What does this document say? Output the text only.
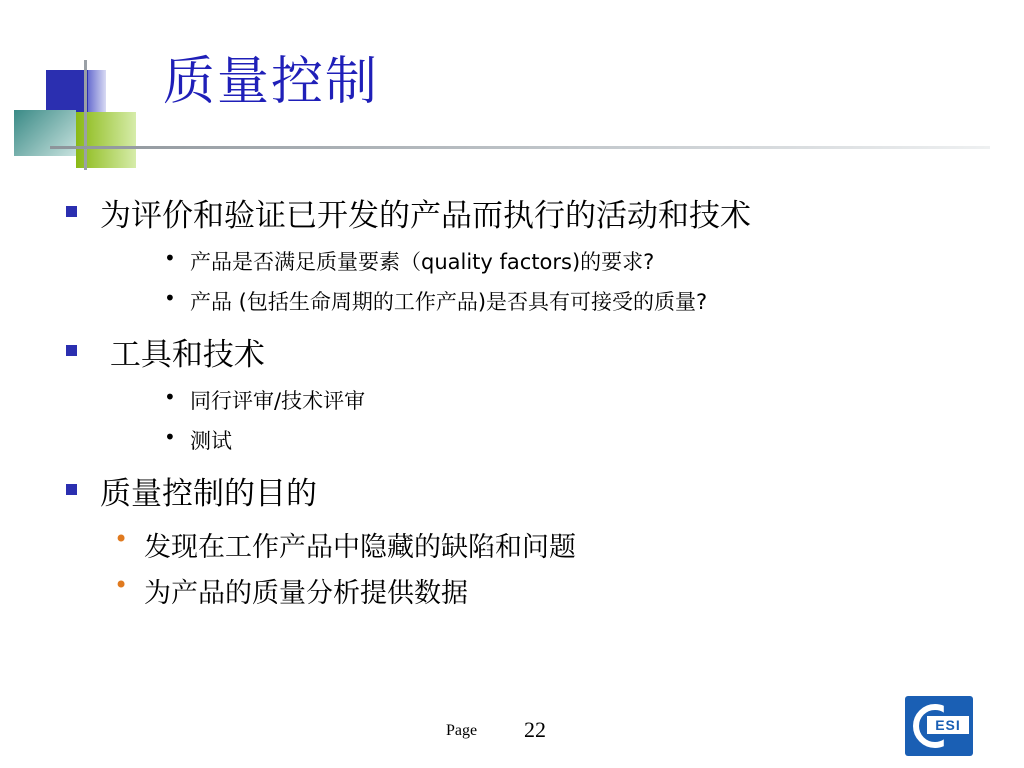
质量控制
为评价和验证已开发的产品而执行的活动和技术
• 产品是否满足质量要素（quality factors)的要求?
• 产品 (包括生命周期的工作产品)是否具有可接受的质量?
工具和技术
• 同行评审/技术评审
• 测试
质量控制的目的
• 发现在工作产品中隐藏的缺陷和问题
• 为产品的质量分析提供数据
Page 22	ESI
